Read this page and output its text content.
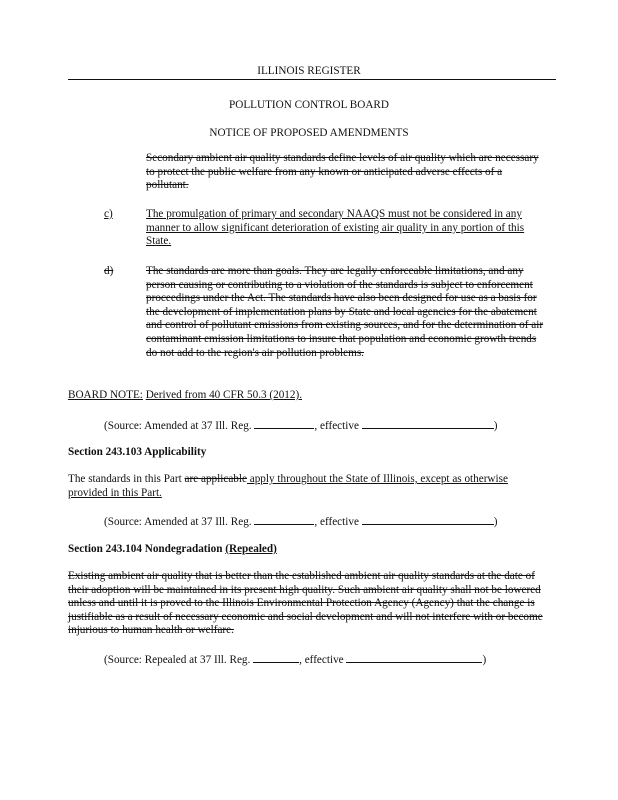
ILLINOIS REGISTER
POLLUTION CONTROL BOARD
NOTICE OF PROPOSED AMENDMENTS
Secondary ambient air quality standards define levels of air quality which are necessary to protect the public welfare from any known or anticipated adverse effects of a pollutant.
c)	The promulgation of primary and secondary NAAQS must not be considered in any manner to allow significant deterioration of existing air quality in any portion of this State.
d)	The standards are more than goals. They are legally enforceable limitations, and any person causing or contributing to a violation of the standards is subject to enforcement proceedings under the Act. The standards have also been designed for use as a basis for the development of implementation plans by State and local agencies for the abatement and control of pollutant emissions from existing sources, and for the determination of air contaminant emission limitations to insure that population and economic growth trends do not add to the region's air pollution problems.
BOARD NOTE: Derived from 40 CFR 50.3 (2012).
(Source: Amended at 37 Ill. Reg.	, effective	)
Section 243.103 Applicability
The standards in this Part are applicable apply throughout the State of Illinois, except as otherwise provided in this Part.
(Source: Amended at 37 Ill. Reg.	, effective	)
Section 243.104 Nondegradation (Repealed)
Existing ambient air quality that is better than the established ambient air quality standards at the date of their adoption will be maintained in its present high quality. Such ambient air quality shall not be lowered unless and until it is proved to the Illinois Environmental Protection Agency (Agency) that the change is justifiable as a result of necessary economic and social development and will not interfere with or become injurious to human health or welfare.
(Source: Repealed at 37 Ill. Reg.	, effective	)
